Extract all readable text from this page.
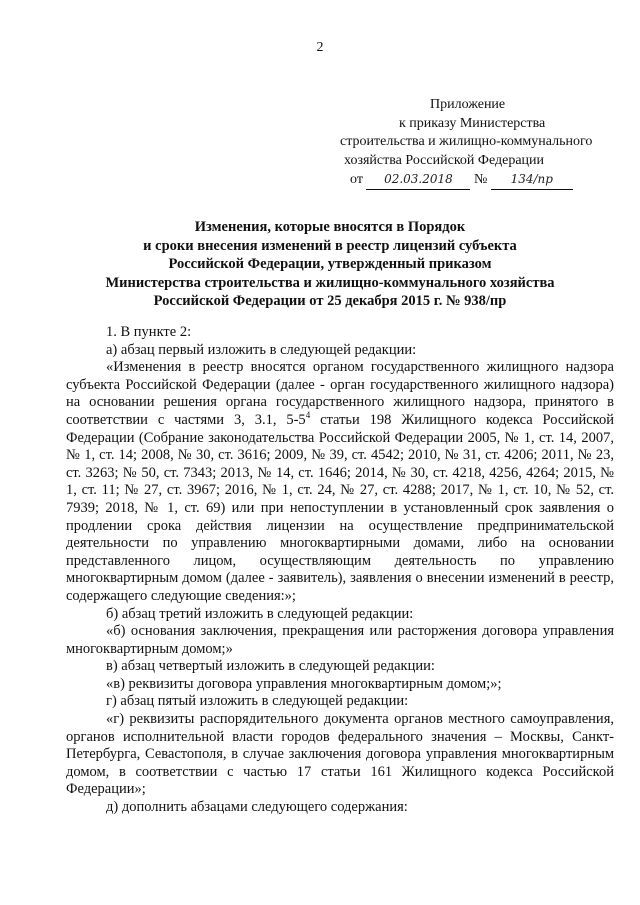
2
Приложение
к приказу Министерства
строительства и жилищно-коммунального
хозяйства Российской Федерации
от 02.03.2018 № 134/пр
Изменения, которые вносятся в Порядок
и сроки внесения изменений в реестр лицензий субъекта
Российской Федерации, утвержденный приказом
Министерства строительства и жилищно-коммунального хозяйства
Российской Федерации от 25 декабря 2015 г. № 938/пр

1. В пункте 2:

а) абзац первый изложить в следующей редакции:

«Изменения в реестр вносятся органом государственного жилищного надзора субъекта Российской Федерации (далее - орган государственного жилищного надзора) на основании решения органа государственного жилищного надзора, принятого в соответствии с частями 3, 3.1, $5-5^4$ статьи 198 Жилищного кодекса Российской Федерации (Собрание законодательства Российской Федерации 2005, № 1, ст. 14, 2007, № 1, ст. 14; 2008, № 30, ст. 3616; 2009, № 39, ст. 4542; 2010, № 31, ст. 4206; 2011, № 23, ст. 3263; № 50, ст. 7343; 2013, № 14, ст. 1646; 2014, № 30, ст. 4218, 4256, 4264; 2015, № 1, ст. 11; № 27, ст. 3967; 2016, № 1, ст. 24, № 27, ст. 4288; 2017, № 1, ст. 10, № 52, ст. 7939; 2018, № 1, ст. 69) или при непоступлении в установленный срок заявления о продлении срока действия лицензии на осуществление предпринимательской деятельности по управлению многоквартирными домами, либо на основании представленного лицом, осуществляющим деятельность по управлению многоквартирным домом (далее - заявитель), заявления о внесении изменений в реестр, содержащего следующие сведения:»;

б) абзац третий изложить в следующей редакции:

«б) основания заключения, прекращения или расторжения договора управления многоквартирным домом;»

в) абзац четвертый изложить в следующей редакции:

«в) реквизиты договора управления многоквартирным домом;»;

г) абзац пятый изложить в следующей редакции:

«г) реквизиты распорядительного документа органов местного самоуправления, органов исполнительной власти городов федерального значения – Москвы, Санкт-Петербурга, Севастополя, в случае заключения договора управления многоквартирным домом, в соответствии с частью 17 статьи 161 Жилищного кодекса Российской Федерации»;

д) дополнить абзацами следующего содержания:
